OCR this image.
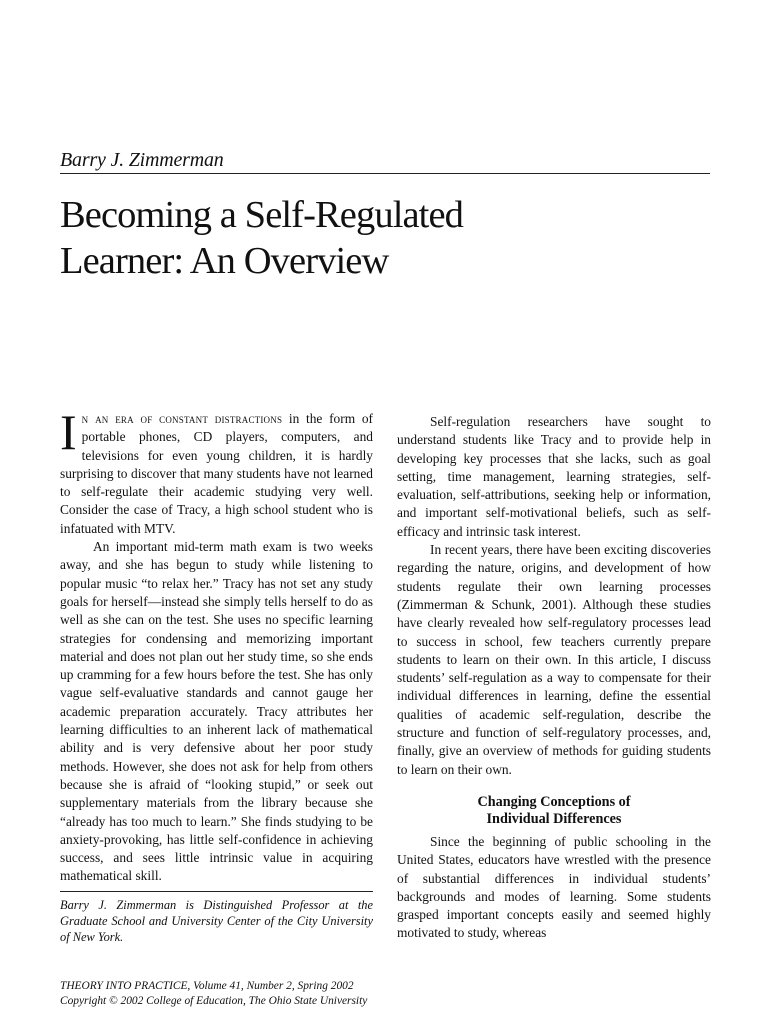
Barry J. Zimmerman
Becoming a Self-Regulated
Learner: An Overview

In an era of constant distractions in the form of portable phones, CD players, computers, and televisions for even young children, it is hardly surprising to discover that many students have not learned to self-regulate their academic studying very well. Consider the case of Tracy, a high school student who is infatuated with MTV.

An important mid-term math exam is two weeks away, and she has begun to study while listening to popular music “to relax her.” Tracy has not set any study goals for herself—instead she simply tells herself to do as well as she can on the test. She uses no specific learning strategies for condensing and memorizing important material and does not plan out her study time, so she ends up cramming for a few hours before the test. She has only vague self-evaluative standards and cannot gauge her academic preparation accurately. Tracy attributes her learning difficulties to an inherent lack of mathematical ability and is very defensive about her poor study methods. However, she does not ask for help from others because she is afraid of “looking stupid,” or seek out supplementary materials from the library because she “already has too much to learn.” She finds studying to be anxiety-provoking, has little self-confidence in achieving success, and sees little intrinsic value in acquiring mathematical skill.

Barry J. Zimmerman is Distinguished Professor at the Graduate School and University Center of the City University of New York.

Self-regulation researchers have sought to understand students like Tracy and to provide help in developing key processes that she lacks, such as goal setting, time management, learning strategies, self-evaluation, self-attributions, seeking help or information, and important self-motivational beliefs, such as self-efficacy and intrinsic task interest.

In recent years, there have been exciting discoveries regarding the nature, origins, and development of how students regulate their own learning processes (Zimmerman & Schunk, 2001). Although these studies have clearly revealed how self-regulatory processes lead to success in school, few teachers currently prepare students to learn on their own. In this article, I discuss students’ self-regulation as a way to compensate for their individual differences in learning, define the essential qualities of academic self-regulation, describe the structure and function of self-regulatory processes, and, finally, give an overview of methods for guiding students to learn on their own.

Changing Conceptions of
Individual Differences

Since the beginning of public schooling in the United States, educators have wrestled with the presence of substantial differences in individual students’ backgrounds and modes of learning. Some students grasped important concepts easily and seemed highly motivated to study, whereas

THEORY INTO PRACTICE, Volume 41, Number 2, Spring 2002
Copyright © 2002 College of Education, The Ohio State University
